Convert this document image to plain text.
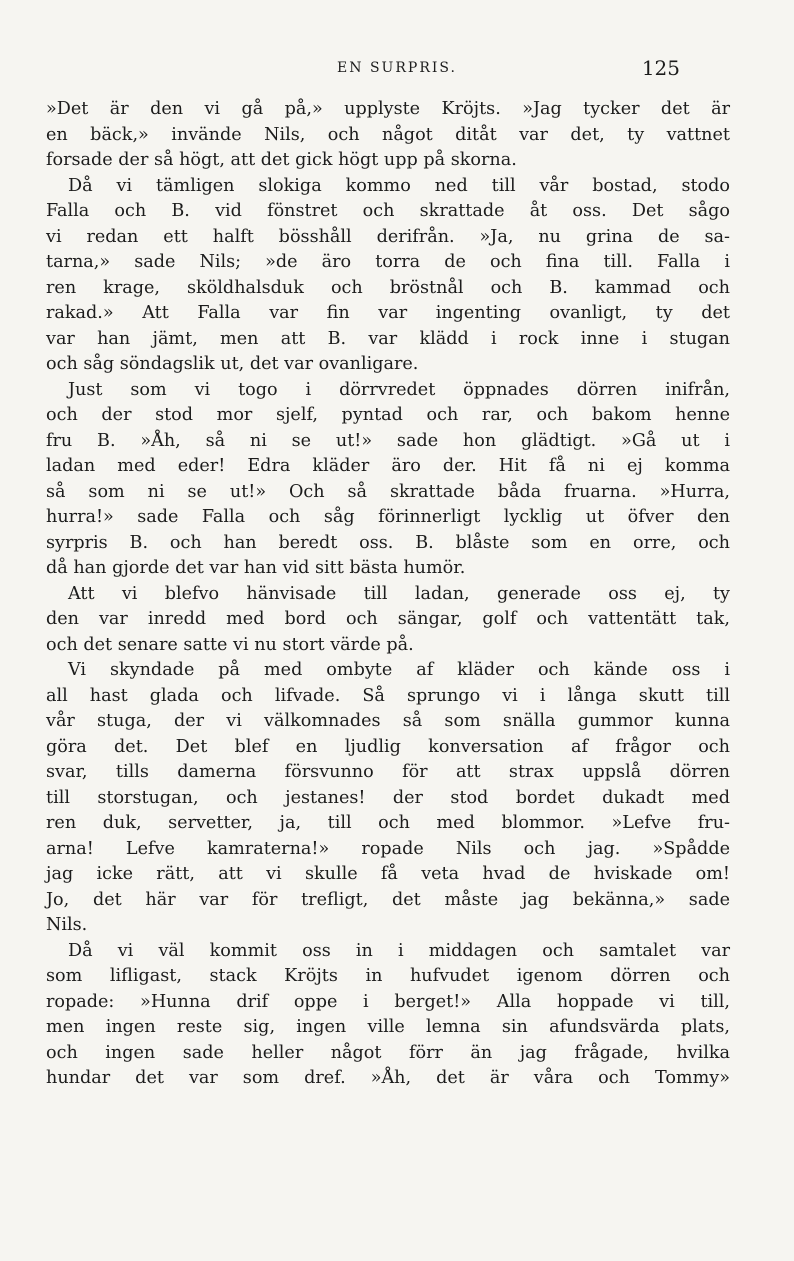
EN SURPRIS.	125
»Det är den vi gå på,» upplyste Kröjts. »Jag tycker det är
en bäck,» invände Nils, och något ditåt var det, ty vattnet
forsade der så högt, att det gick högt upp på skorna.
Då vi tämligen slokiga kommo ned till vår bostad, stodo
Falla och B. vid fönstret och skrattade åt oss. Det sågo
vi redan ett halft bösshåll derifrån. »Ja, nu grina de sa-
tarna,» sade Nils; »de äro torra de och fina till. Falla i
ren krage, sköldhalsduk och bröstnål och B. kammad och
rakad.» Att Falla var fin var ingenting ovanligt, ty det
var han jämt, men att B. var klädd i rock inne i stugan
och såg söndagslik ut, det var ovanligare.
Just som vi togo i dörrvredet öppnades dörren inifrån,
och der stod mor sjelf, pyntad och rar, och bakom henne
fru B. »Åh, så ni se ut!» sade hon glädtigt. »Gå ut i
ladan med eder! Edra kläder äro der. Hit få ni ej komma
så som ni se ut!» Och så skrattade båda fruarna. »Hurra,
hurra!» sade Falla och såg förinnerligt lycklig ut öfver den
syrpris B. och han beredt oss. B. blåste som en orre, och
då han gjorde det var han vid sitt bästa humör.
Att vi blefvo hänvisade till ladan, generade oss ej, ty
den var inredd med bord och sängar, golf och vattentätt tak,
och det senare satte vi nu stort värde på.
Vi skyndade på med ombyte af kläder och kände oss i
all hast glada och lifvade. Så sprungo vi i långa skutt till
vår stuga, der vi välkomnades så som snälla gummor kunna
göra det. Det blef en ljudlig konversation af frågor och
svar, tills damerna försvunno för att strax uppslå dörren
till storstugan, och jestanes! der stod bordet dukadt med
ren duk, servetter, ja, till och med blommor. »Lefve fru-
arna! Lefve kamraterna!» ropade Nils och jag. »Spådde
jag icke rätt, att vi skulle få veta hvad de hviskade om!
Jo, det här var för trefligt, det måste jag bekänna,» sade
Nils.
Då vi väl kommit oss in i middagen och samtalet var
som lifligast, stack Kröjts in hufvudet igenom dörren och
ropade: »Hunna drif oppe i berget!» Alla hoppade vi till,
men ingen reste sig, ingen ville lemna sin afundsvärda plats,
och ingen sade heller något förr än jag frågade, hvilka
hundar det var som dref. »Åh, det är våra och Tommy»
